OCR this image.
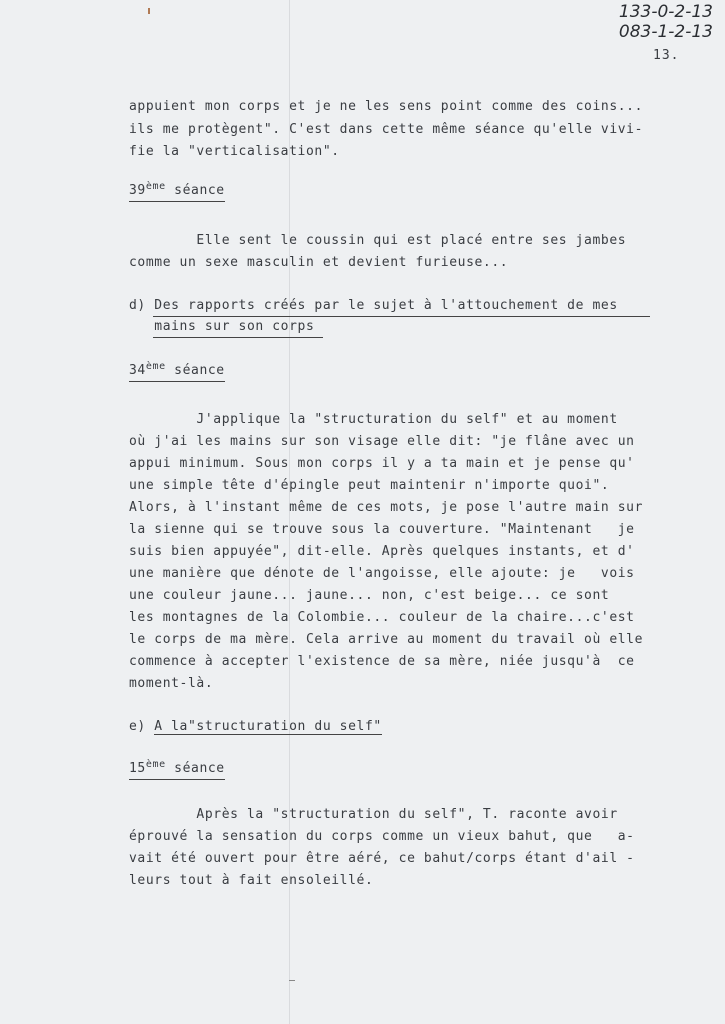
133-0-2-13
083-1-2-13
13.
appuient mon corps et je ne les sens point comme des coins...
ils me protègent". C'est dans cette même séance qu'elle vivi-
fie la "verticalisation".
39ème séance
Elle sent le coussin qui est placé entre ses jambes
comme un sexe masculin et devient furieuse...
d) Des rapports créés par le sujet à l'attouchement de mes
mains sur son corps
34ème séance
J'applique la "structuration du self" et au moment
où j'ai les mains sur son visage elle dit: "je flâne avec un
appui minimum. Sous mon corps il y a ta main et je pense qu'
une simple tête d'épingle peut maintenir n'importe quoi".
Alors, à l'instant même de ces mots, je pose l'autre main sur
la sienne qui se trouve sous la couverture. "Maintenant   je
suis bien appuyée", dit-elle. Après quelques instants, et d'
une manière que dénote de l'angoisse, elle ajoute: je   vois
une couleur jaune... jaune... non, c'est beige... ce sont
les montagnes de la Colombie... couleur de la chaire...c'est
le corps de ma mère. Cela arrive au moment du travail où elle
commence à accepter l'existence de sa mère, niée jusqu'à  ce
moment-là.
e) A la"structuration du self"
15ème séance
Après la "structuration du self", T. raconte avoir
éprouvé la sensation du corps comme un vieux bahut, que   a-
vait été ouvert pour être aéré, ce bahut/corps étant d'ail -
leurs tout à fait ensoleillé.
